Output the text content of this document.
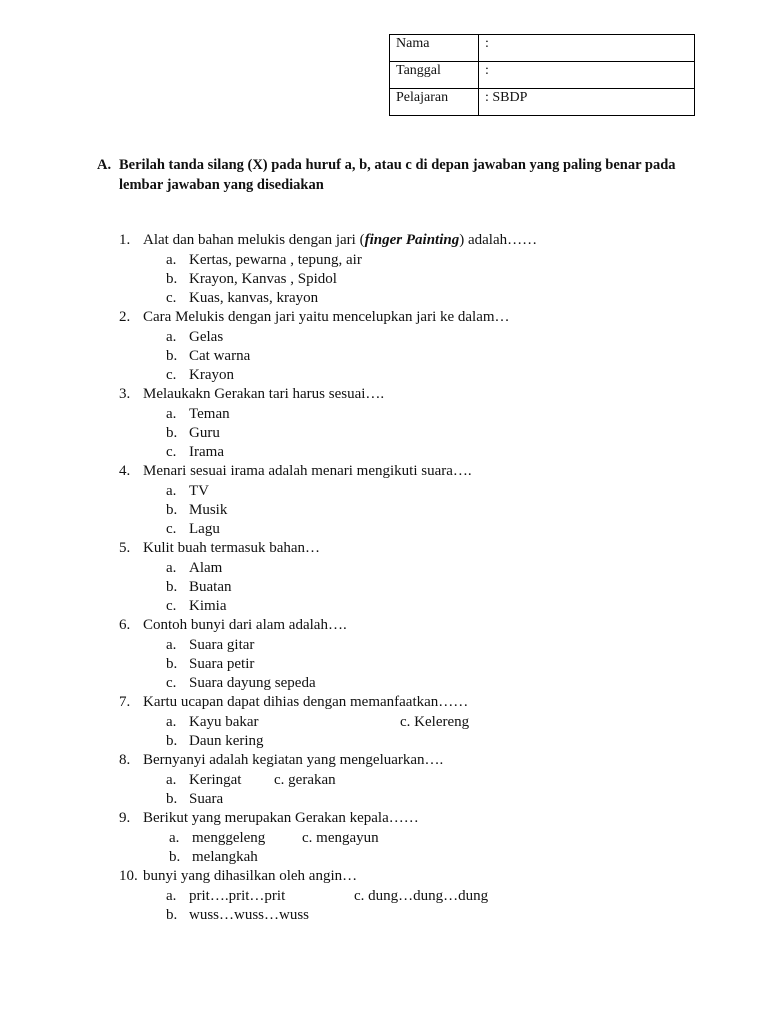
Nama	:
Tanggal	:
Pelajaran	: SBDP
A. Berilah tanda silang (X) pada huruf a, b, atau c di depan jawaban yang paling benar pada lembar jawaban yang disediakan
1. Alat dan bahan melukis dengan jari (finger Painting) adalah……
a. Kertas, pewarna , tepung, air
b. Krayon, Kanvas , Spidol
c. Kuas, kanvas, krayon
2. Cara Melukis dengan jari yaitu mencelupkan jari ke dalam…
a. Gelas
b. Cat warna
c. Krayon
3. Melaukakn Gerakan tari harus sesuai….
a. Teman
b. Guru
c. Irama
4. Menari sesuai irama adalah menari mengikuti suara….
a. TV
b. Musik
c. Lagu
5. Kulit buah termasuk bahan…
a. Alam
b. Buatan
c. Kimia
6. Contoh bunyi dari alam adalah….
a. Suara gitar
b. Suara petir
c. Suara dayung sepeda
7. Kartu ucapan dapat dihias dengan memanfaatkan……
a. Kayu bakar	c. Kelereng
b. Daun kering
8. Bernyanyi adalah kegiatan yang mengeluarkan….
a. Keringat c. gerakan
b. Suara
9. Berikut yang merupakan Gerakan kepala……
a. menggeleng c. mengayun
b. melangkah
10. bunyi yang dihasilkan oleh angin…
a. prit….prit…prit	c. dung…dung…dung
b. wuss…wuss…wuss
